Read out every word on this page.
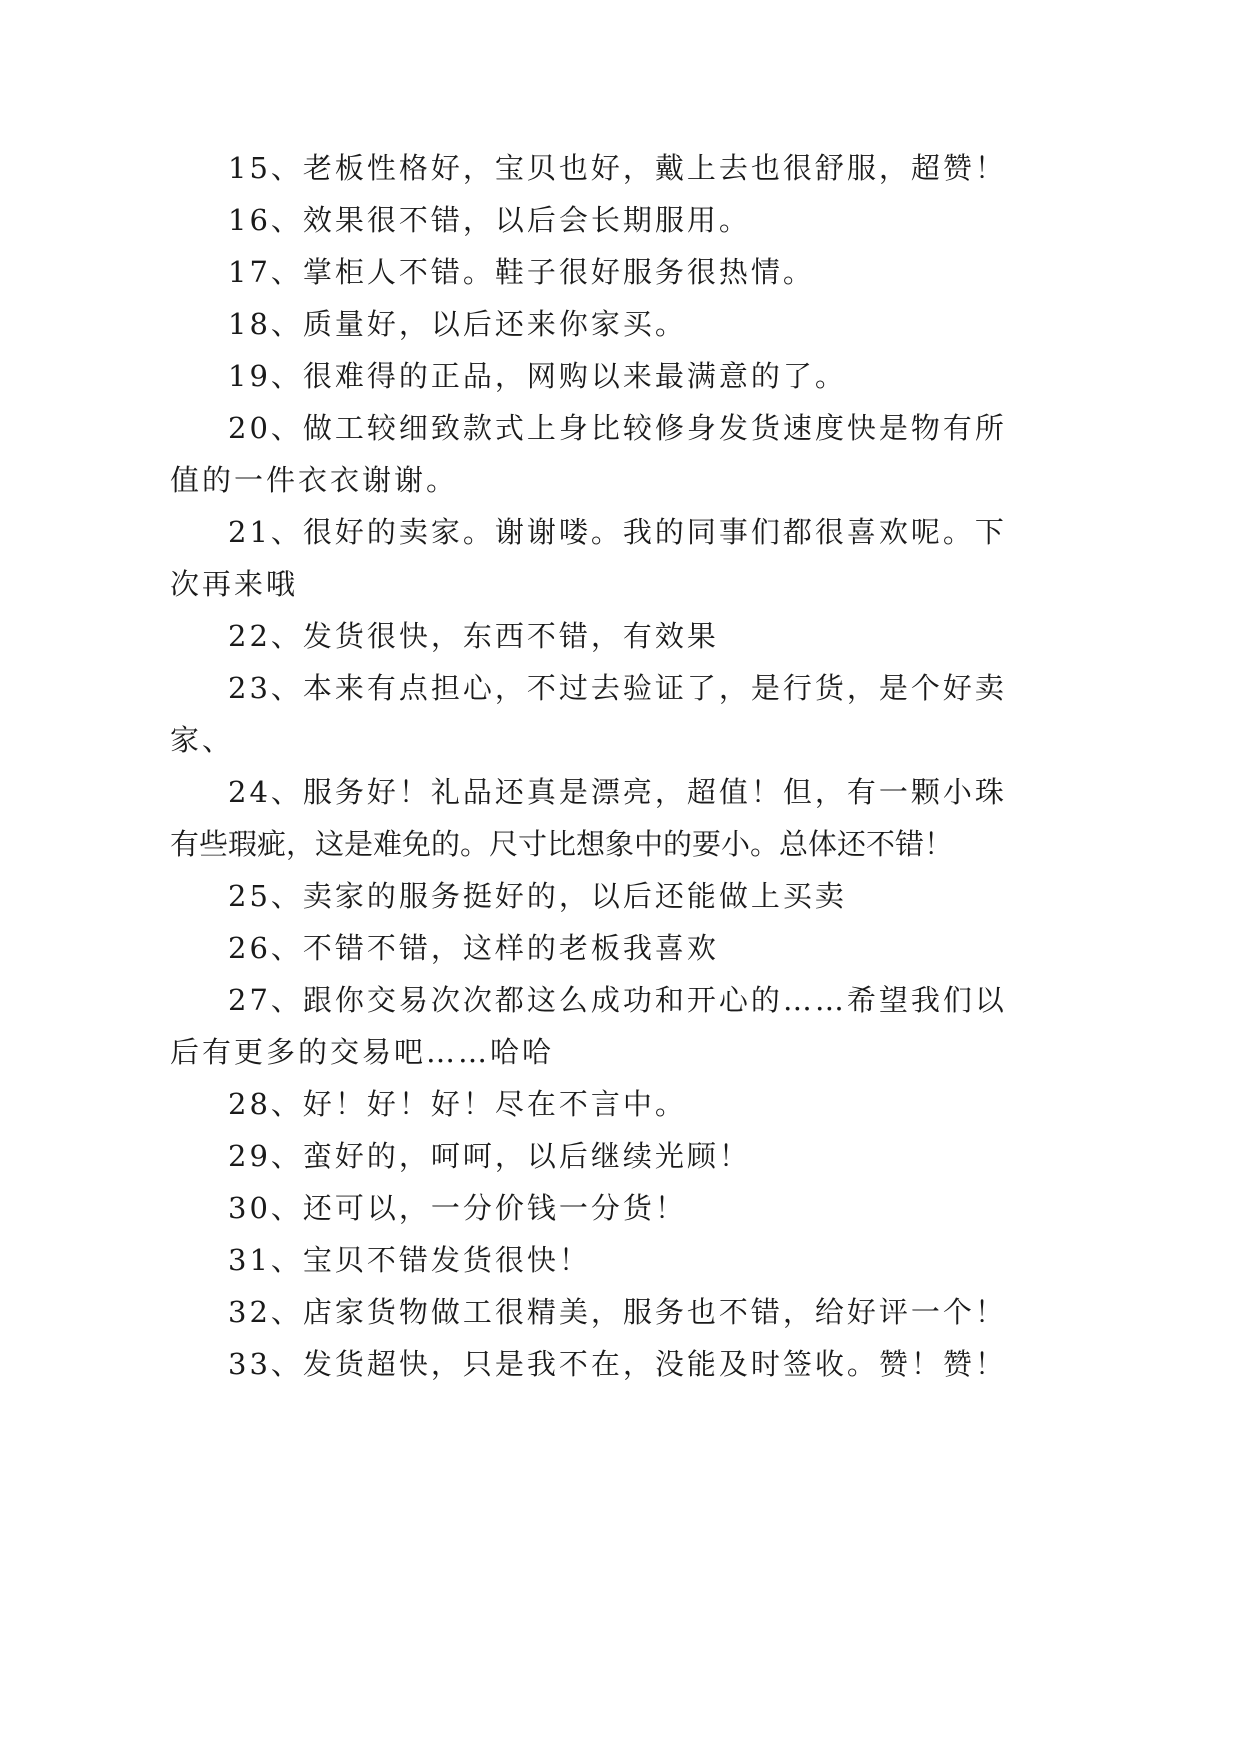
15、老板性格好，宝贝也好，戴上去也很舒服，超赞！
16、效果很不错，以后会长期服用。
17、掌柜人不错。鞋子很好服务很热情。
18、质量好，以后还来你家买。
19、很难得的正品，网购以来最满意的了。
20、做工较细致款式上身比较修身发货速度快是物有所
值的一件衣衣谢谢。
21、很好的卖家。谢谢喽。我的同事们都很喜欢呢。下
次再来哦
22、发货很快，东西不错，有效果
23、本来有点担心，不过去验证了，是行货，是个好卖
家、
24、服务好！礼品还真是漂亮，超值！但，有一颗小珠
有些瑕疵，这是难免的。尺寸比想象中的要小。总体还不错！
25、卖家的服务挺好的，以后还能做上买卖
26、不错不错，这样的老板我喜欢
27、跟你交易次次都这么成功和开心的……希望我们以
后有更多的交易吧……哈哈
28、好！好！好！尽在不言中。
29、蛮好的，呵呵，以后继续光顾！
30、还可以，一分价钱一分货！
31、宝贝不错发货很快！
32、店家货物做工很精美，服务也不错，给好评一个！
33、发货超快，只是我不在，没能及时签收。赞！赞！
